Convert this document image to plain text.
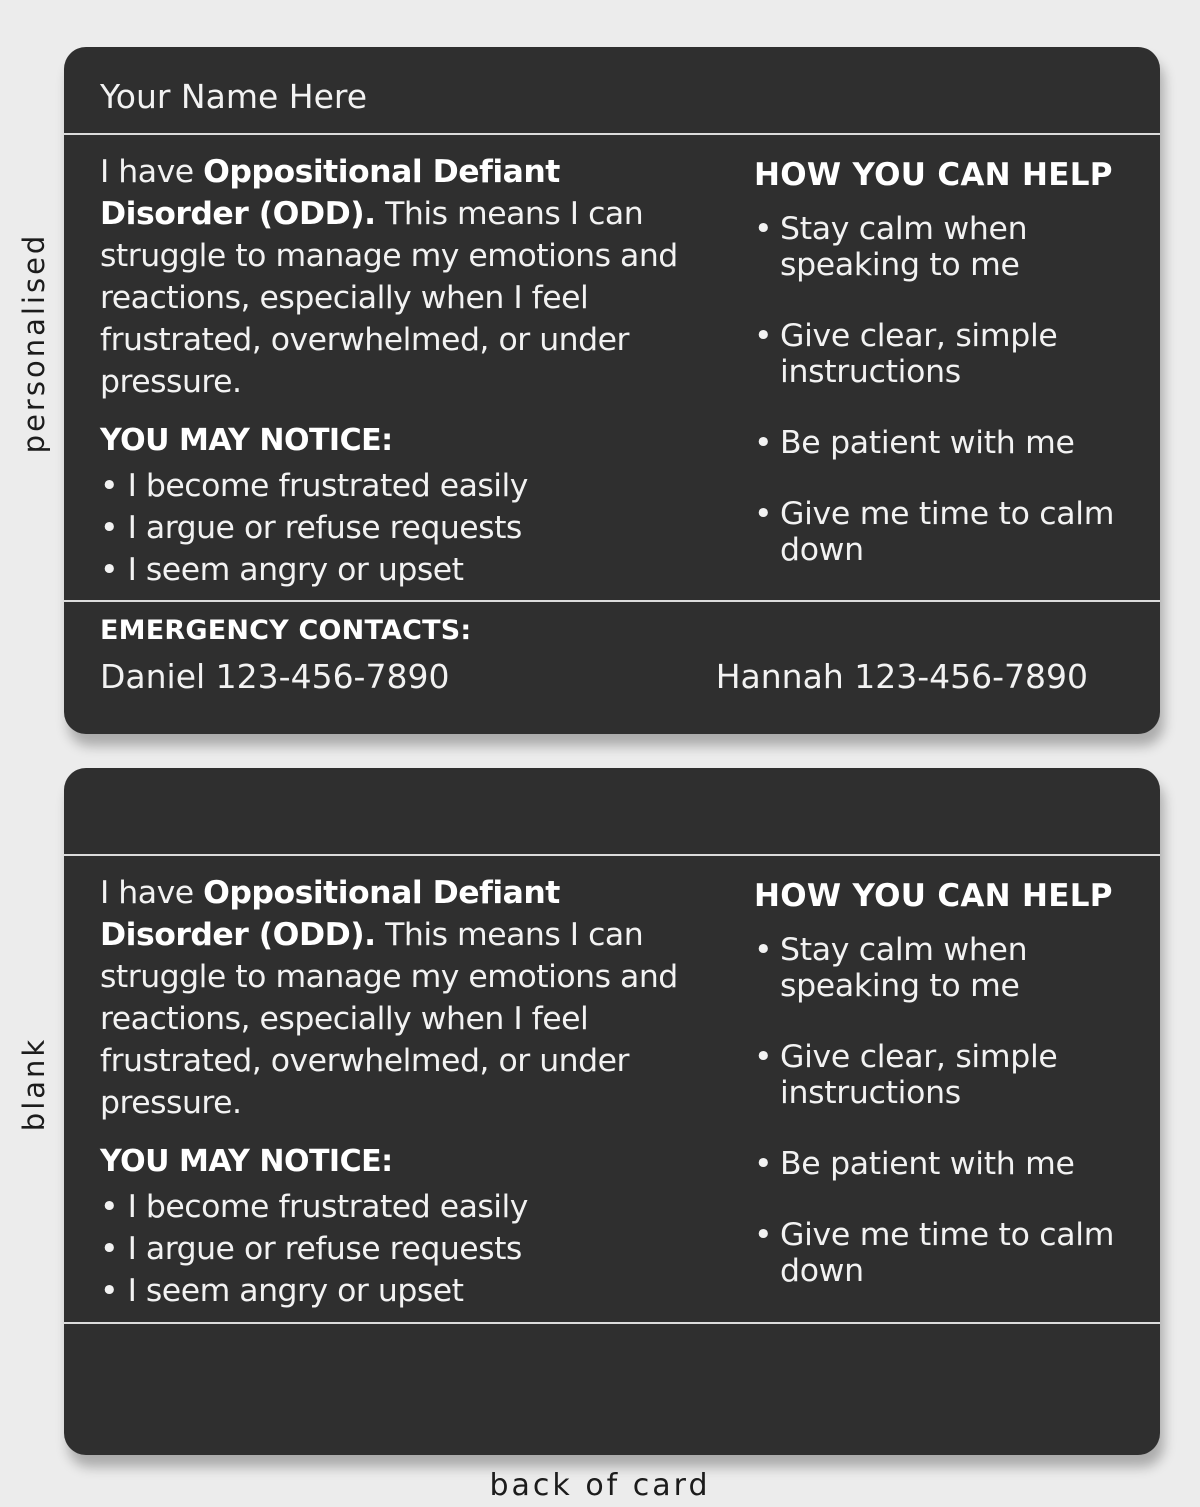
personalised
blank
Your Name Here
I have Oppositional Defiant Disorder (ODD). This means I can struggle to manage my emotions and reactions, especially when I feel frustrated, overwhelmed, or under pressure.
YOU MAY NOTICE:
• I become frustrated easily
• I argue or refuse requests
• I seem angry or upset
HOW YOU CAN HELP
• Stay calm when speaking to me
• Give clear, simple instructions
• Be patient with me
• Give me time to calm down
EMERGENCY CONTACTS:
Daniel 123-456-7890	Hannah 123-456-7890
I have Oppositional Defiant Disorder (ODD). This means I can struggle to manage my emotions and reactions, especially when I feel frustrated, overwhelmed, or under pressure.
YOU MAY NOTICE:
• I become frustrated easily
• I argue or refuse requests
• I seem angry or upset
HOW YOU CAN HELP
• Stay calm when speaking to me
• Give clear, simple instructions
• Be patient with me
• Give me time to calm down
back of card
